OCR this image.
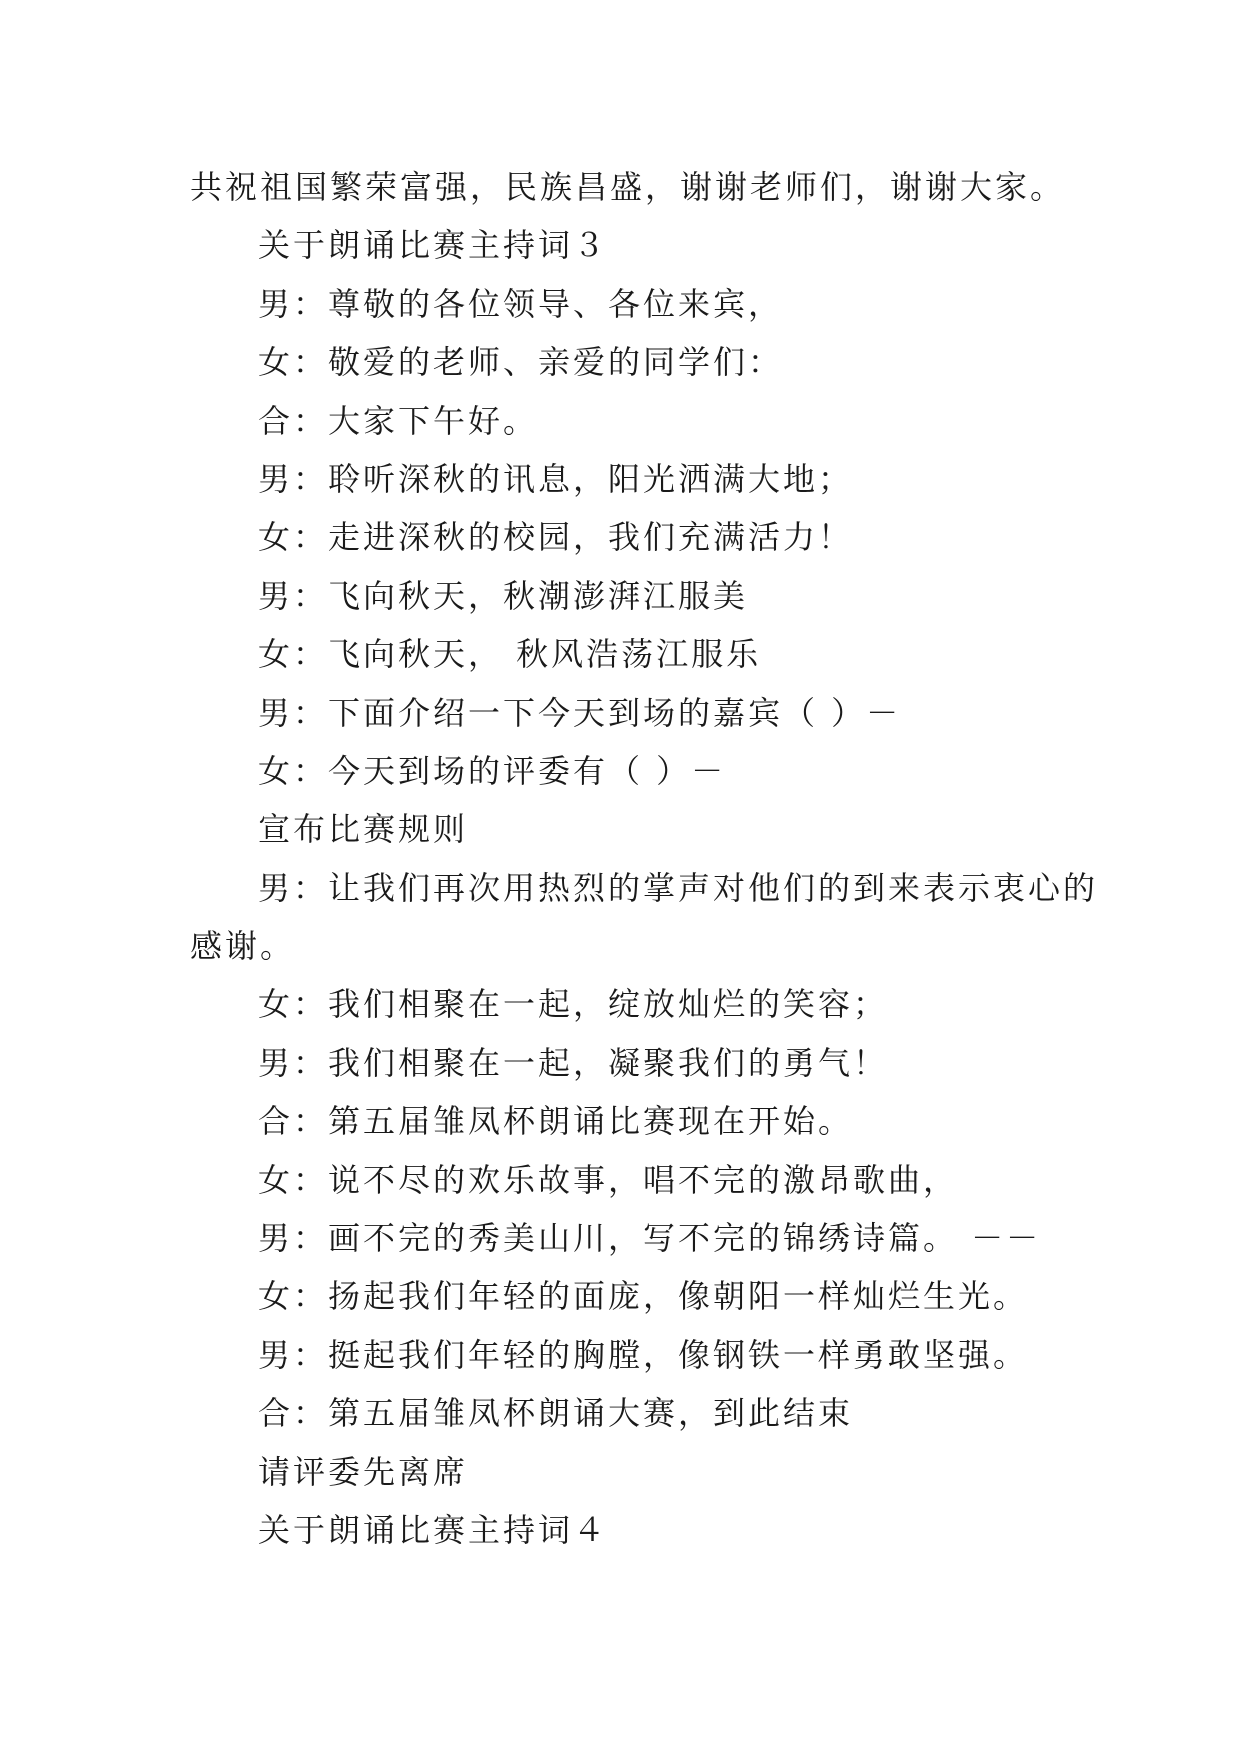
共祝祖国繁荣富强，民族昌盛，谢谢老师们，谢谢大家。
关于朗诵比赛主持词３
男：尊敬的各位领导、各位来宾，
女：敬爱的老师、亲爱的同学们：
合：大家下午好。
男：聆听深秋的讯息，阳光洒满大地；
女：走进深秋的校园，我们充满活力！
男：飞向秋天，秋潮澎湃江服美
女：飞向秋天， 秋风浩荡江服乐
男：下面介绍一下今天到场的嘉宾（ ）－
女：今天到场的评委有（ ）－
宣布比赛规则
男：让我们再次用热烈的掌声对他们的到来表示衷心的
感谢。
女：我们相聚在一起，绽放灿烂的笑容；
男：我们相聚在一起，凝聚我们的勇气！
合：第五届雏凤杯朗诵比赛现在开始。
女：说不尽的欢乐故事，唱不完的激昂歌曲，
男：画不完的秀美山川，写不完的锦绣诗篇。 －－
女：扬起我们年轻的面庞，像朝阳一样灿烂生光。
男：挺起我们年轻的胸膛，像钢铁一样勇敢坚强。
合：第五届雏凤杯朗诵大赛，到此结束
请评委先离席
关于朗诵比赛主持词４
